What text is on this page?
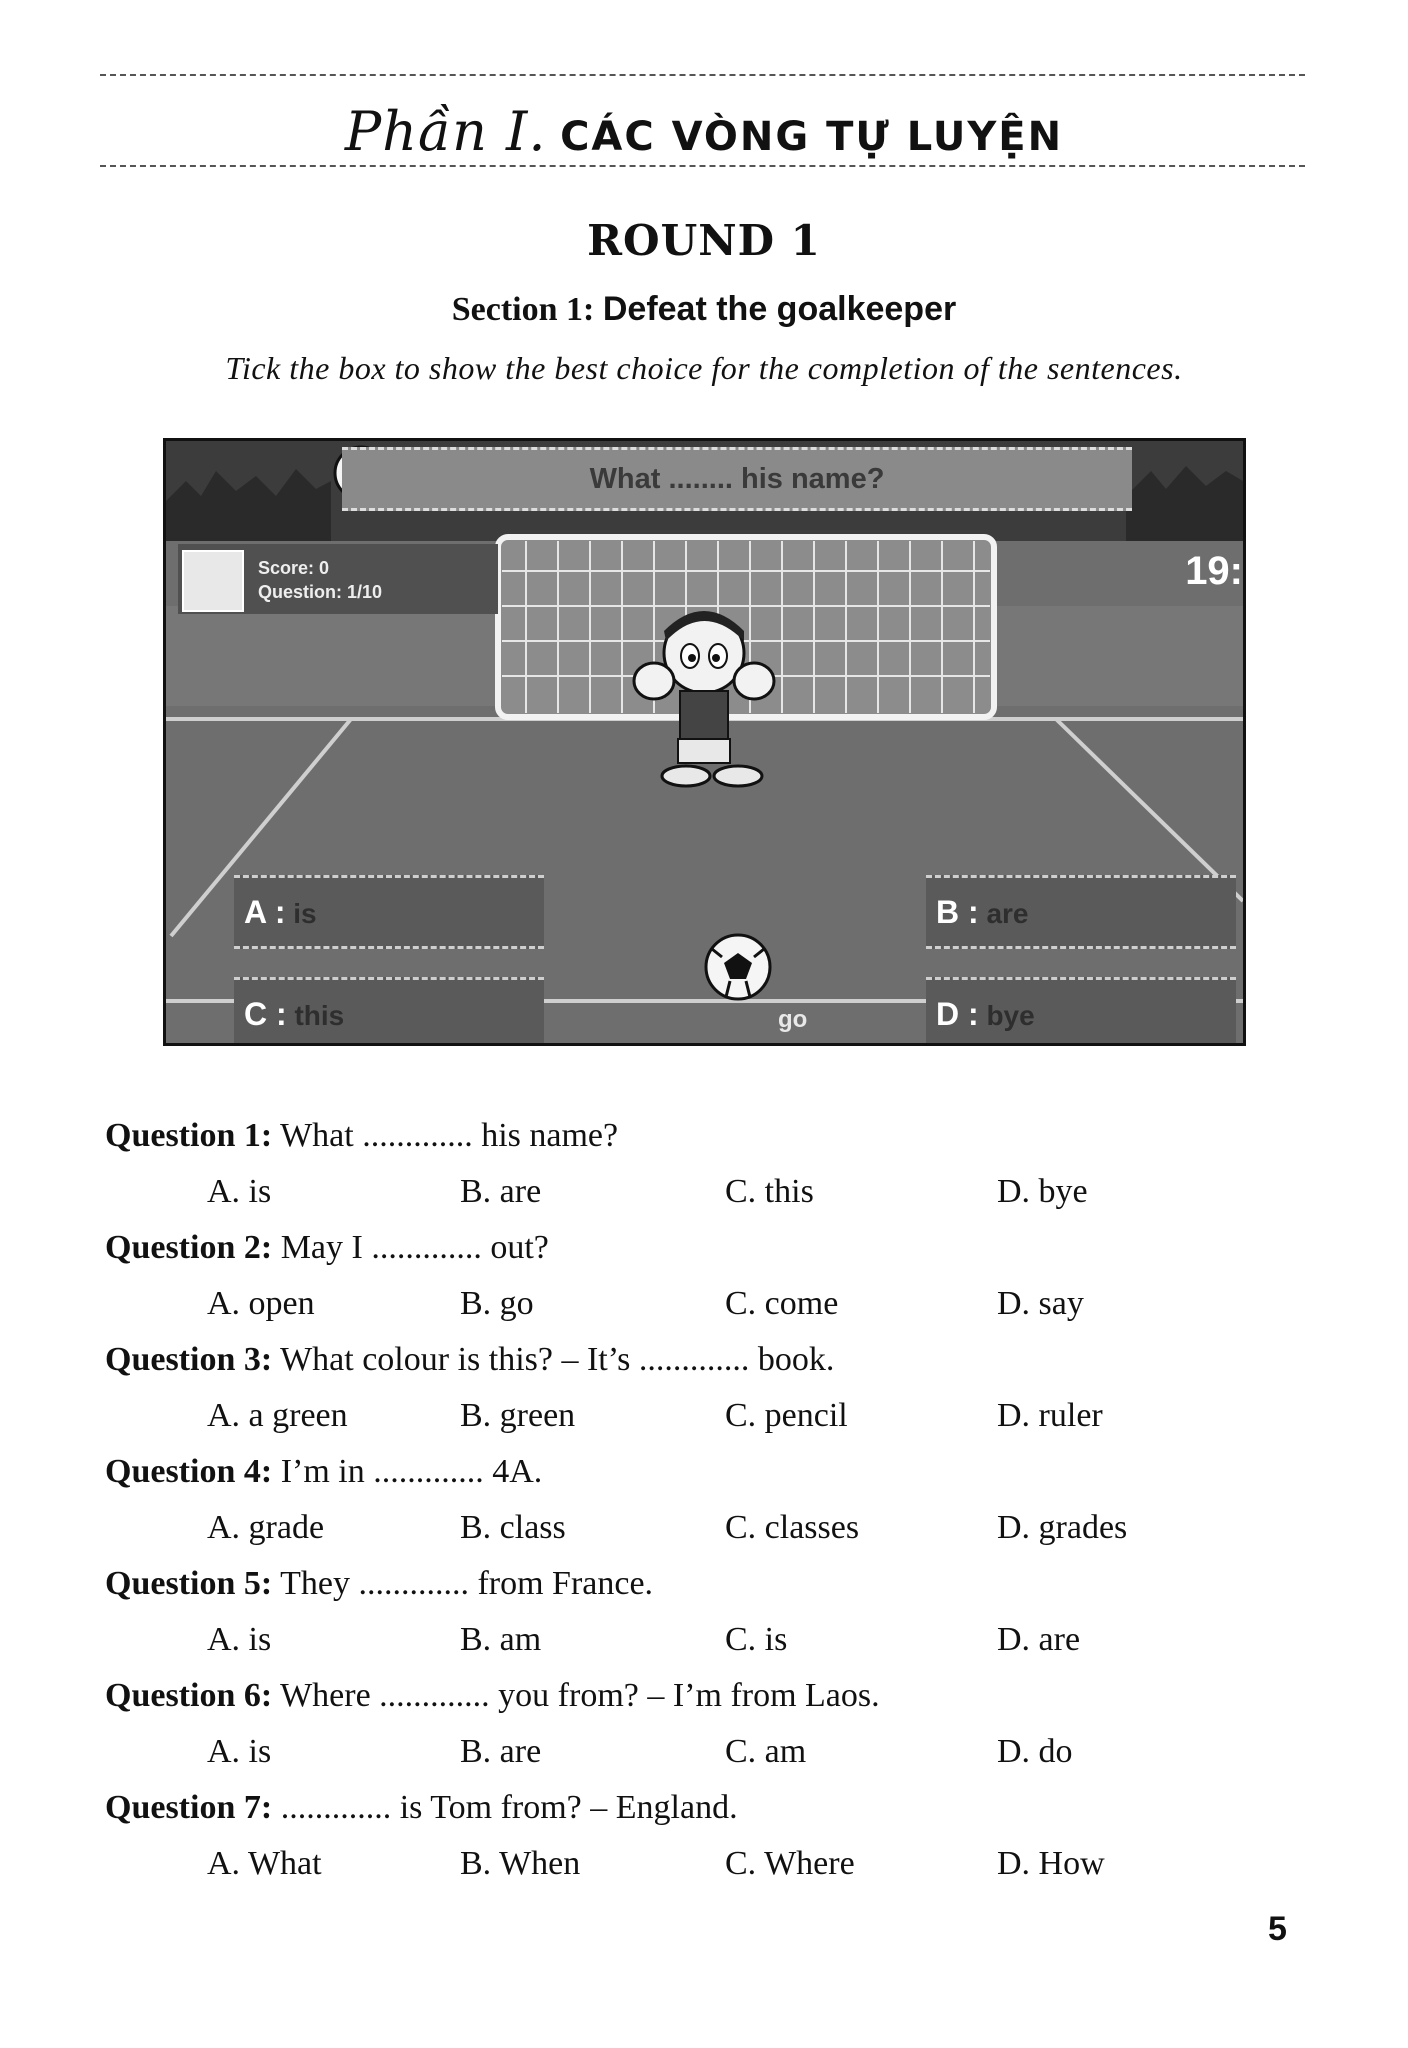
Phần I. CÁC VÒNG TỰ LUYỆN
ROUND 1
Section 1: Defeat the goalkeeper
Tick the box to show the best choice for the completion of the sentences.
What ........ his name?
Score: 0
Question: 1/10	19:
A : is	B : are
C : this	D : bye
go
Question 1: What ............. his name?
A. is	B. are	C. this	D. bye
Question 2: May I ............. out?
A. open	B. go	C. come	D. say
Question 3: What colour is this? – It’s ............. book.
A. a green	B. green	C. pencil	D. ruler
Question 4: I’m in ............. 4A.
A. grade	B. class	C. classes	D. grades
Question 5: They ............. from France.
A. is	B. am	C. is	D. are
Question 6: Where ............. you from? – I’m from Laos.
A. is	B. are	C. am	D. do
Question 7: ............. is Tom from? – England.
A. What	B. When	C. Where	D. How
5
